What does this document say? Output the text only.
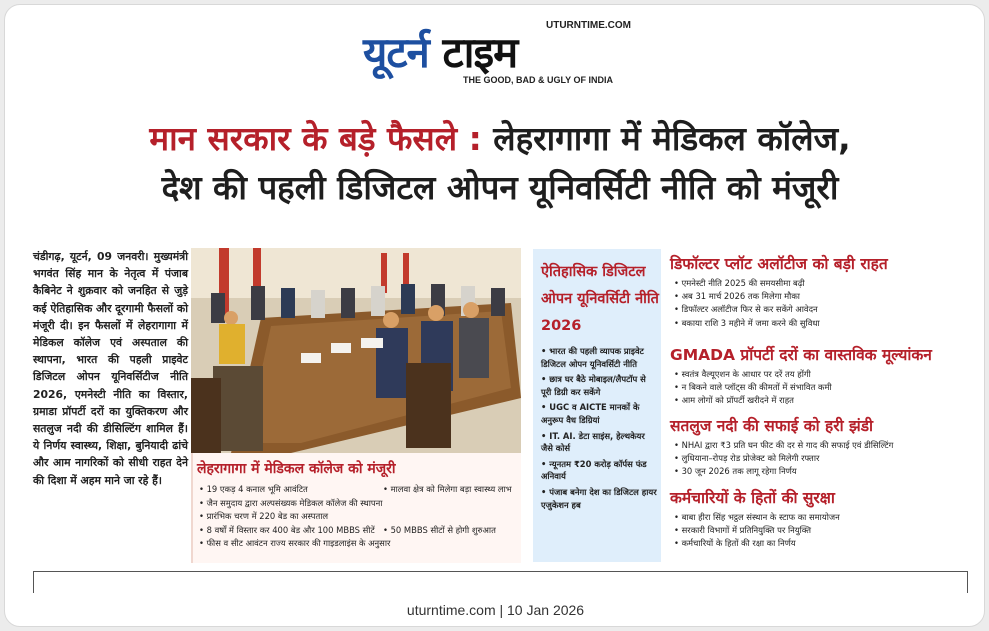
UTURNTIME.COM
यूटर्न टाइम
THE GOOD, BAD & UGLY OF INDIA
मान सरकार के बड़े फैसले : लेहरागागा में मेडिकल कॉलेज,
देश की पहली डिजिटल ओपन यूनिवर्सिटी नीति को मंजूरी
चंडीगढ़, यूटर्न, 09 जनवरी। मुख्यमंत्री भगवंत सिंह मान के नेतृत्व में पंजाब कैबिनेट ने शुक्रवार को जनहित से जुड़े कई ऐतिहासिक और दूरगामी फैसलों को मंजूरी दी। इन फैसलों में लेहरागागा में मेडिकल कॉलेज एवं अस्पताल की स्थापना, भारत की पहली प्राइवेट डिजिटल ओपन यूनिवर्सिटीज नीति 2026, एमनेस्टी नीति का विस्तार, ग्रमाडा प्रॉपर्टी दरों का युक्तिकरण और सतलुज नदी की डीसिल्टिंग शामिल हैं। ये निर्णय स्वास्थ्य, शिक्षा, बुनियादी ढांचे और आम नागरिकों को सीधी राहत देने की दिशा में अहम माने जा रहे हैं।
लेहरागागा में मेडिकल कॉलेज को मंजूरी
• 19 एकड़ 4 कनाल भूमि आवंटित
• जैन समुदाय द्वारा अल्पसंख्यक मेडिकल कॉलेज की स्थापना
• प्रारंभिक चरण में 220 बेड का अस्पताल
• 8 वर्षों में विस्तार कर 400 बेड और 100 MBBS सीटें
• फीस व सीट आवंटन राज्य सरकार की गाइडलाइंस के अनुसार
• मालवा क्षेत्र को मिलेगा बड़ा स्वास्थ्य लाभ

• 50 MBBS सीटों से होगी शुरुआत
ऐतिहासिक डिजिटल ओपन यूनिवर्सिटी नीति 2026
• भारत की पहली व्यापक प्राइवेट डिजिटल ओपन यूनिवर्सिटी नीति
• छात्र घर बैठे मोबाइल/लैपटॉप से पूरी डिग्री कर सकेंगे
• UGC व AICTE मानकों के अनुरूप वैध डिग्रियां
• IT. AI. डेटा साइंस, हेल्थकेयर जैसे कोर्स
• न्यूनतम ₹20 करोड़ कॉर्पस फंड अनिवार्य
• पंजाब बनेगा देश का डिजिटल हायर एजुकेशन हब
डिफॉल्टर प्लॉट अलॉटीज को बड़ी राहत
• एमनेस्टी नीति 2025 की समयसीमा बढ़ी
• अब 31 मार्च 2026 तक मिलेगा मौका
• डिफॉल्टर अलॉटीज फिर से कर सकेंगे आवेदन
• बकाया राशि 3 महीने में जमा करने की सुविधा
GMADA प्रॉपर्टी दरों का वास्तविक मूल्यांकन
• स्वतंत्र वैल्यूएशन के आधार पर दरें तय होंगी
• न बिकने वाले प्लॉट्स की कीमतों में संभावित कमी
• आम लोगों को प्रॉपर्टी खरीदने में राहत
सतलुज नदी की सफाई को हरी झंडी
• NHAI द्वारा ₹3 प्रति घन फीट की दर से गाद की सफाई एवं डीसिल्टिंग
• लुधियाना–रोपड़ रोड प्रोजेक्ट को मिलेगी रफ्तार
• 30 जून 2026 तक लागू रहेगा निर्णय
कर्मचारियों के हितों की सुरक्षा
• बाबा हीरा सिंह भट्ठल संस्थान के स्टाफ का समायोजन
• सरकारी विभागों में प्रतिनियुक्ति पर नियुक्ति
• कर्मचारियों के हितों की रक्षा का निर्णय
uturntime.com | 10 Jan 2026
